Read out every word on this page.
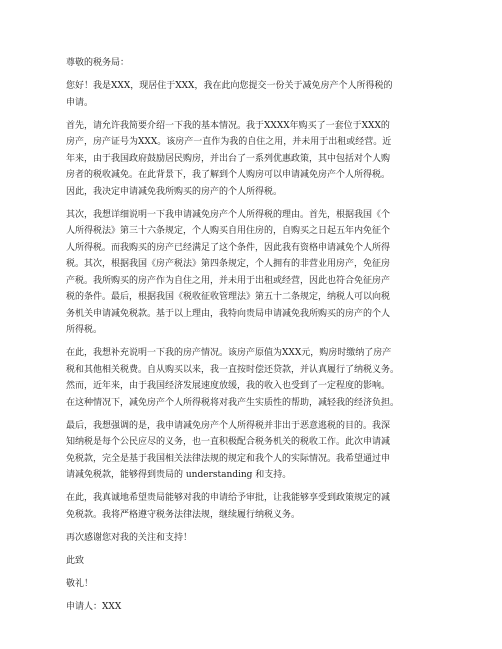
尊敬的税务局：

您好！我是XXX，现居住于XXX，我在此向您提交一份关于减免房产个人所得税的
申请。

首先，请允许我简要介绍一下我的基本情况。我于XXXX年购买了一套位于XXX的
房产，房产证号为XXX。该房产一直作为我的自住之用，并未用于出租或经营。近
年来，由于我国政府鼓励居民购房，并出台了一系列优惠政策，其中包括对个人购
房者的税收减免。在此背景下，我了解到个人购房可以申请减免房产个人所得税。
因此，我决定申请减免我所购买的房产的个人所得税。

其次，我想详细说明一下我申请减免房产个人所得税的理由。首先，根据我国《个
人所得税法》第三十六条规定，个人购买自用住房的，自购买之日起五年内免征个
人所得税。而我购买的房产已经满足了这个条件，因此我有资格申请减免个人所得
税。其次，根据我国《房产税法》第四条规定，个人拥有的非营业用房产，免征房
产税。我所购买的房产作为自住之用，并未用于出租或经营，因此也符合免征房产
税的条件。最后，根据我国《税收征收管理法》第五十二条规定，纳税人可以向税
务机关申请减免税款。基于以上理由，我特向贵局申请减免我所购买的房产的个人
所得税。

在此，我想补充说明一下我的房产情况。该房产原值为XXX元，购房时缴纳了房产
税和其他相关税费。自从购买以来，我一直按时偿还贷款，并认真履行了纳税义务。
然而，近年来，由于我国经济发展速度放缓，我的收入也受到了一定程度的影响。
在这种情况下，减免房产个人所得税将对我产生实质性的帮助，减轻我的经济负担。

最后，我想强调的是，我申请减免房产个人所得税并非出于恶意逃税的目的。我深
知纳税是每个公民应尽的义务，也一直积极配合税务机关的税收工作。此次申请减
免税款，完全是基于我国相关法律法规的规定和我个人的实际情况。我希望通过申
请减免税款，能够得到贵局的 understanding 和支持。

在此，我真诚地希望贵局能够对我的申请给予审批，让我能够享受到政策规定的减
免税款。我将严格遵守税务法律法规，继续履行纳税义务。

再次感谢您对我的关注和支持！

此致

敬礼！

申请人：XXX
